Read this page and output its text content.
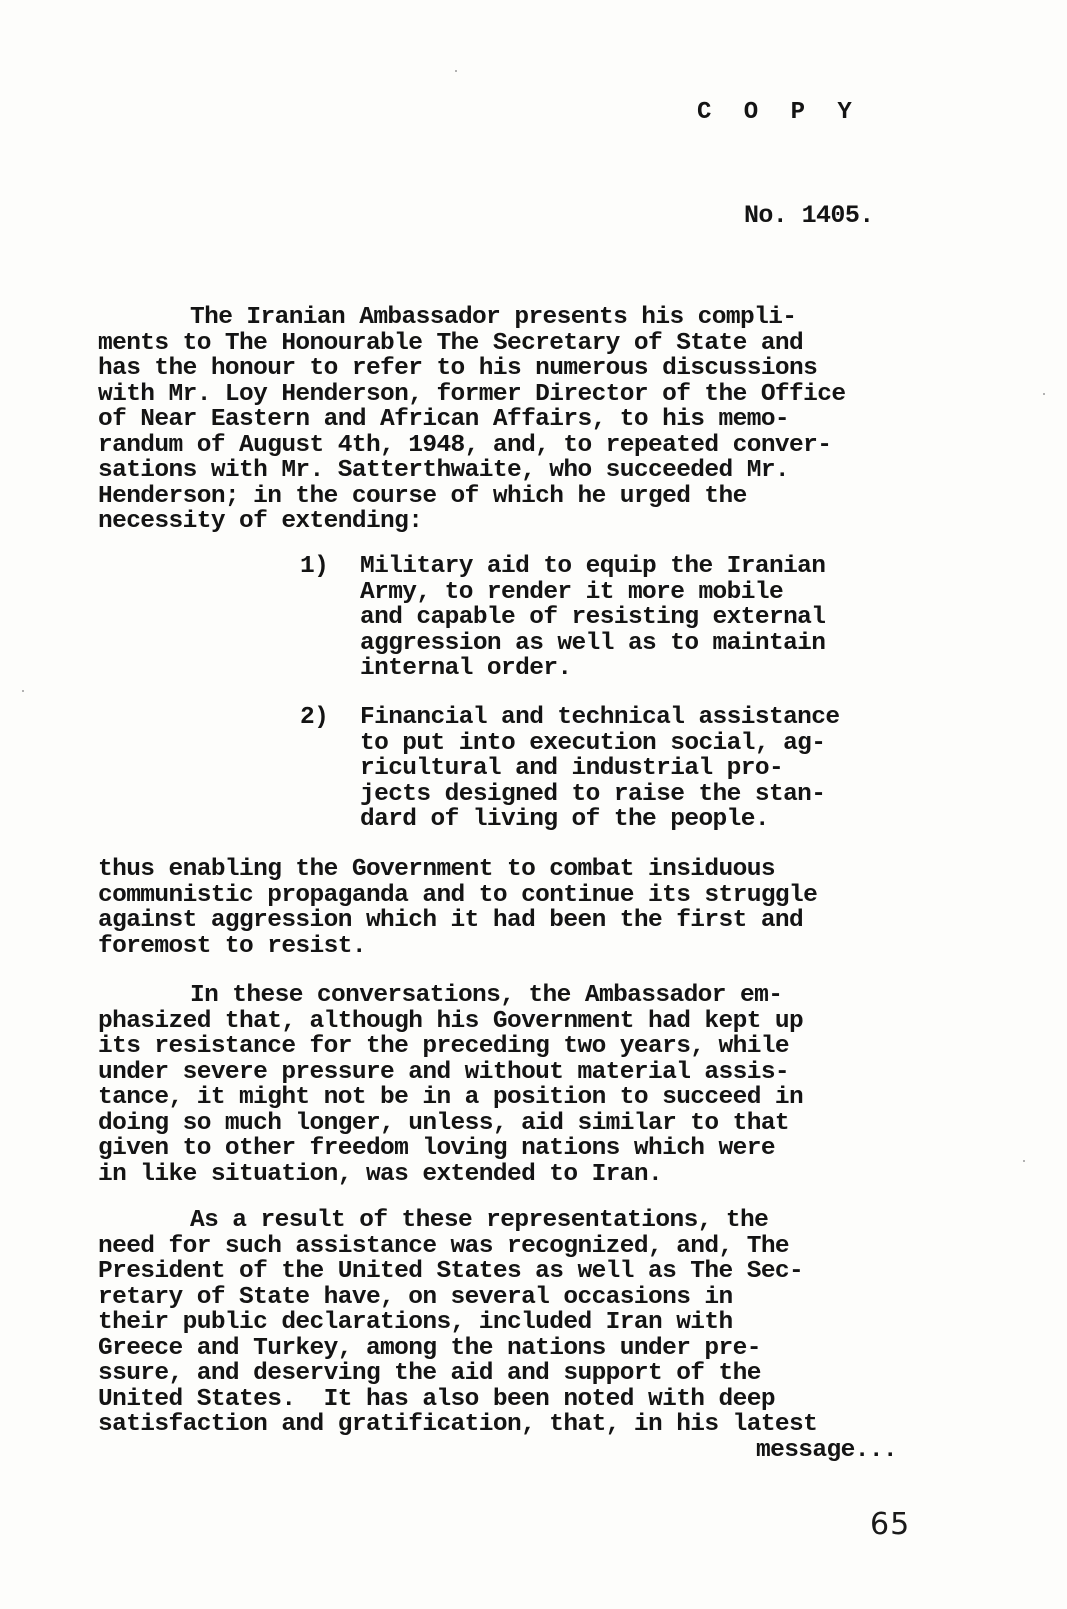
C O P Y
No. 1405.
The Iranian Ambassador presents his compli-
ments to The Honourable The Secretary of State and
has the honour to refer to his numerous discussions
with Mr. Loy Henderson, former Director of the Office
of Near Eastern and African Affairs, to his memo-
randum of August 4th, 1948, and, to repeated conver-
sations with Mr. Satterthwaite, who succeeded Mr.
Henderson; in the course of which he urged the
necessity of extending:
1) Military aid to equip the Iranian
Army, to render it more mobile
and capable of resisting external
aggression as well as to maintain
internal order.
2) Financial and technical assistance
to put into execution social, ag-
ricultural and industrial pro-
jects designed to raise the stan-
dard of living of the people.
thus enabling the Government to combat insiduous
communistic propaganda and to continue its struggle
against aggression which it had been the first and
foremost to resist.
In these conversations, the Ambassador em-
phasized that, although his Government had kept up
its resistance for the preceding two years, while
under severe pressure and without material assis-
tance, it might not be in a position to succeed in
doing so much longer, unless, aid similar to that
given to other freedom loving nations which were
in like situation, was extended to Iran.
As a result of these representations, the
need for such assistance was recognized, and, The
President of the United States as well as The Sec-
retary of State have, on several occasions in
their public declarations, included Iran with
Greece and Turkey, among the nations under pre-
ssure, and deserving the aid and support of the
United States.  It has also been noted with deep
satisfaction and gratification, that, in his latest
message...
65
